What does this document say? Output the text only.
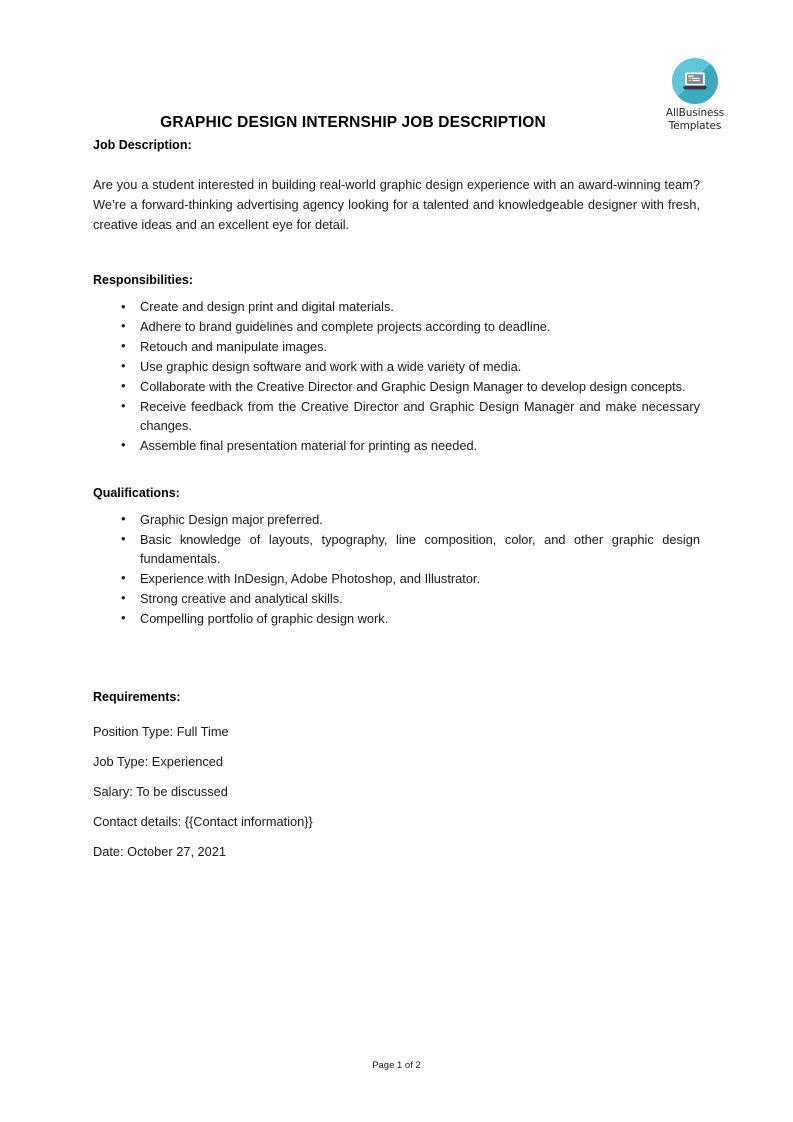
AllBusiness
Templates
GRAPHIC DESIGN INTERNSHIP JOB DESCRIPTION
Job Description:
Are you a student interested in building real-world graphic design experience with an award-winning team? We’re a forward-thinking advertising agency looking for a talented and knowledgeable designer with fresh, creative ideas and an excellent eye for detail.
Responsibilities:
• Create and design print and digital materials.
• Adhere to brand guidelines and complete projects according to deadline.
• Retouch and manipulate images.
• Use graphic design software and work with a wide variety of media.
• Collaborate with the Creative Director and Graphic Design Manager to develop design concepts.
• Receive feedback from the Creative Director and Graphic Design Manager and make necessary changes.
• Assemble final presentation material for printing as needed.
Qualifications:
• Graphic Design major preferred.
• Basic knowledge of layouts, typography, line composition, color, and other graphic design fundamentals.
• Experience with InDesign, Adobe Photoshop, and Illustrator.
• Strong creative and analytical skills.
• Compelling portfolio of graphic design work.
Requirements:
Position Type: Full Time
Job Type: Experienced
Salary: To be discussed
Contact details: {{Contact information}}
Date: October 27, 2021
Page 1 of 2
